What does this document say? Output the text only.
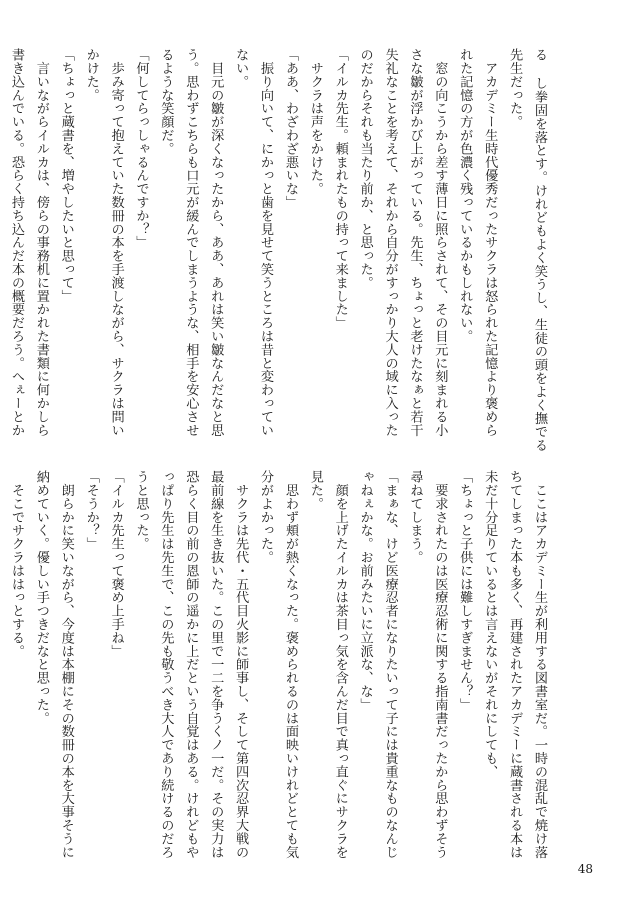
る し拳固を落とす。けれどもよく笑うし、生徒の頭をよく撫でる
先生だった。
　アカデミー生時代優秀だったサクラは怒られた記憶より褒めら
れた記憶の方が色濃く残っているかもしれない。
　窓の向こうから差す薄日に照らされて、その目元に刻まれる小
さな皺が浮かび上がっている。先生、ちょっと老けたなぁと若干
失礼なことを考えて、それから自分がすっかり大人の域に入った
のだからそれも当たり前か、と思った。
「イルカ先生。頼まれたもの持って来ました」
　サクラは声をかけた。
「ああ、わざわざ悪いな」
　振り向いて、にかっと歯を見せて笑うところは昔と変わってい
ない。
　目元の皺が深くなったから、ああ、あれは笑い皺なんだなと思
う。思わずこちらも口元が緩んでしまうような、相手を安心させ
るような笑顔だ。
「何してらっしゃるんですか？」
　歩み寄って抱えていた数冊の本を手渡しながら、サクラは問い
かけた。
「ちょっと蔵書を、増やしたいと思って」
　言いながらイルカは、傍らの事務机に置かれた書類に何かしら
書き込んでいる。恐らく持ち込んだ本の概要だろう。へぇーとか
　ここはアカデミー生が利用する図書室だ。一時の混乱で焼け落
ちてしまった本も多く、再建されたアカデミーに蔵書される本は
未だ十分足りているとは言えないがそれにしても、
「ちょっと子供には難しすぎません？」
　要求されたのは医療忍術に関する指南書だったから思わずそう
尋ねてしまう。
「まぁな、けど医療忍者になりたいって子には貴重なものなんじ
ゃねぇかな。お前みたいに立派な、な」
　顔を上げたイルカは茶目っ気を含んだ目で真っ直ぐにサクラを
見た。
　思わず頬が熱くなった。褒められるのは面映いけれどとても気
分がよかった。
　サクラは先代・五代目火影に師事し、そして第四次忍界大戦の
最前線を生き抜いた。この里で一二を争うくノ一だ。その実力は
恐らく目の前の恩師の遥かに上だという自覚はある。けれどもや
っぱり先生は先生で、この先も敬うべき大人であり続けるのだろ
うと思った。
「イルカ先生って褒め上手ね」
「そうか？」
　朗らかに笑いながら、今度は本棚にその数冊の本を大事そうに
納めていく。優しい手つきだなと思った。
　そこでサクラははっとする。
48
